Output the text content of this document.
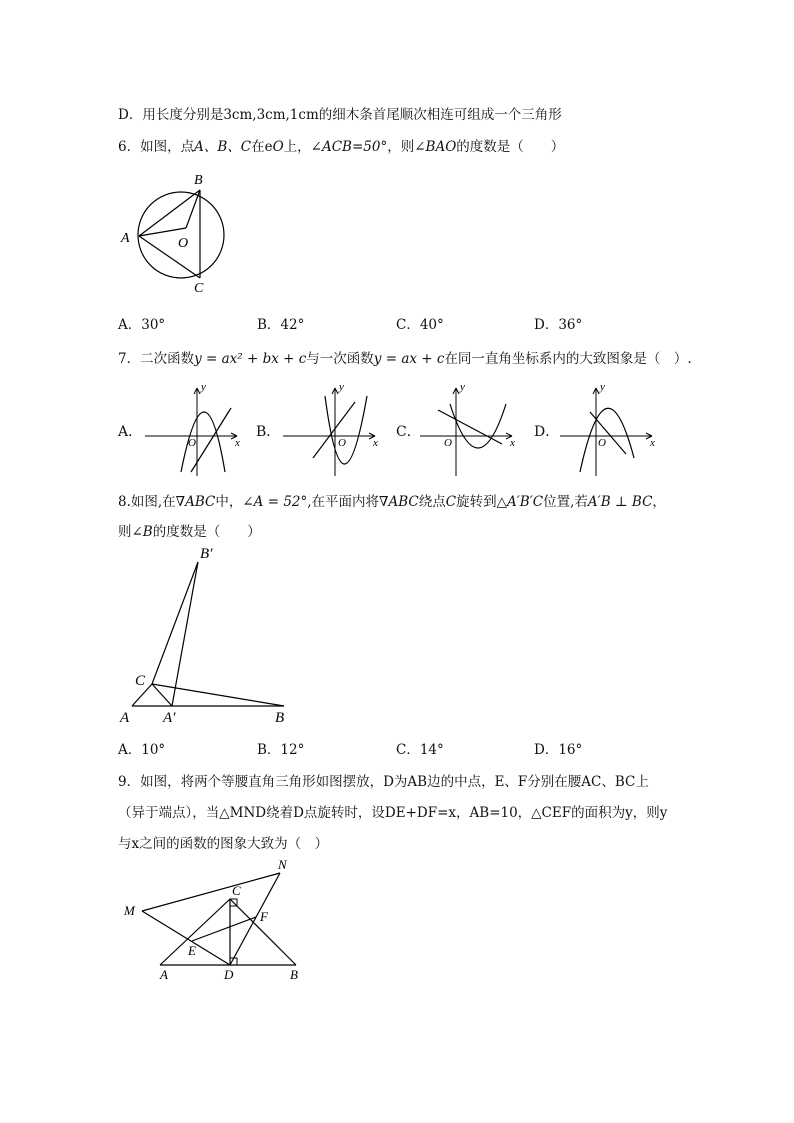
D．用长度分别是3cm,3cm,1cm的细木条首尾顺次相连可组成一个三角形
6．如图，点A、B、C在eO上，∠ACB=50°，则∠BAO的度数是（　　）
B
A	O
C
A．30°	B．42°	C．40°	D．36°
7．二次函数y = ax² + bx + c与一次函数y = ax + c在同一直角坐标系内的大致图象是（　）.
A．	B．	C．	D．
y
x
O
y
x
O
y
x
O
y
x
O
8.如图,在∇ABC中，∠A = 52°,在平面内将∇ABC绕点C旋转到△A′B′C位置,若A′B ⊥ BC，
则∠B的度数是（　　）
B′
C
A A′	B
A．10°	B．12°	C．14°	D．16°
9．如图，将两个等腰直角三角形如图摆放，D为AB边的中点，E、F分别在腰AC、BC上
（异于端点），当△MND绕着D点旋转时，设DE+DF=x，AB=10，△CEF的面积为y，则y
与x之间的函数的图象大致为（　）
N
M
C
F
E
A	D	B
